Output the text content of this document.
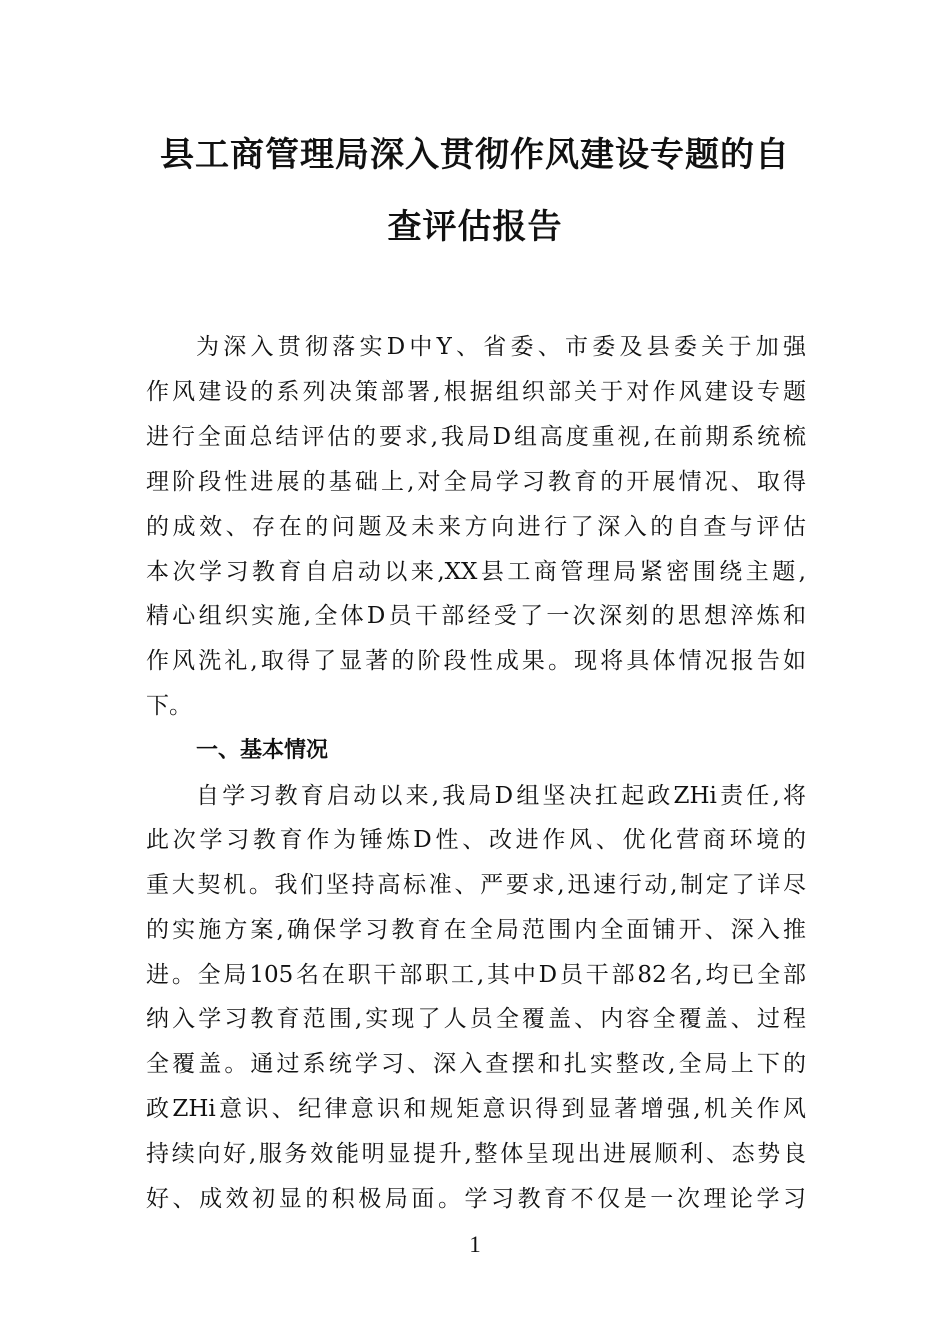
县工商管理局深入贯彻作风建设专题的自
查评估报告
为深入贯彻落实D中Y、省委、市委及县委关于加强
作风建设的系列决策部署,根据组织部关于对作风建设专题
进行全面总结评估的要求,我局D组高度重视,在前期系统梳
理阶段性进展的基础上,对全局学习教育的开展情况、取得
的成效、存在的问题及未来方向进行了深入的自查与评估
本次学习教育自启动以来,XX县工商管理局紧密围绕主题,
精心组织实施,全体D员干部经受了一次深刻的思想淬炼和
作风洗礼,取得了显著的阶段性成果。现将具体情况报告如
下。
一、基本情况
自学习教育启动以来,我局D组坚决扛起政ZHi责任,将
此次学习教育作为锤炼D性、改进作风、优化营商环境的
重大契机。我们坚持高标准、严要求,迅速行动,制定了详尽
的实施方案,确保学习教育在全局范围内全面铺开、深入推
进。全局105名在职干部职工,其中D员干部82名,均已全部
纳入学习教育范围,实现了人员全覆盖、内容全覆盖、过程
全覆盖。通过系统学习、深入查摆和扎实整改,全局上下的
政ZHi意识、纪律意识和规矩意识得到显著增强,机关作风
持续向好,服务效能明显提升,整体呈现出进展顺利、态势良
好、成效初显的积极局面。学习教育不仅是一次理论学习
1
